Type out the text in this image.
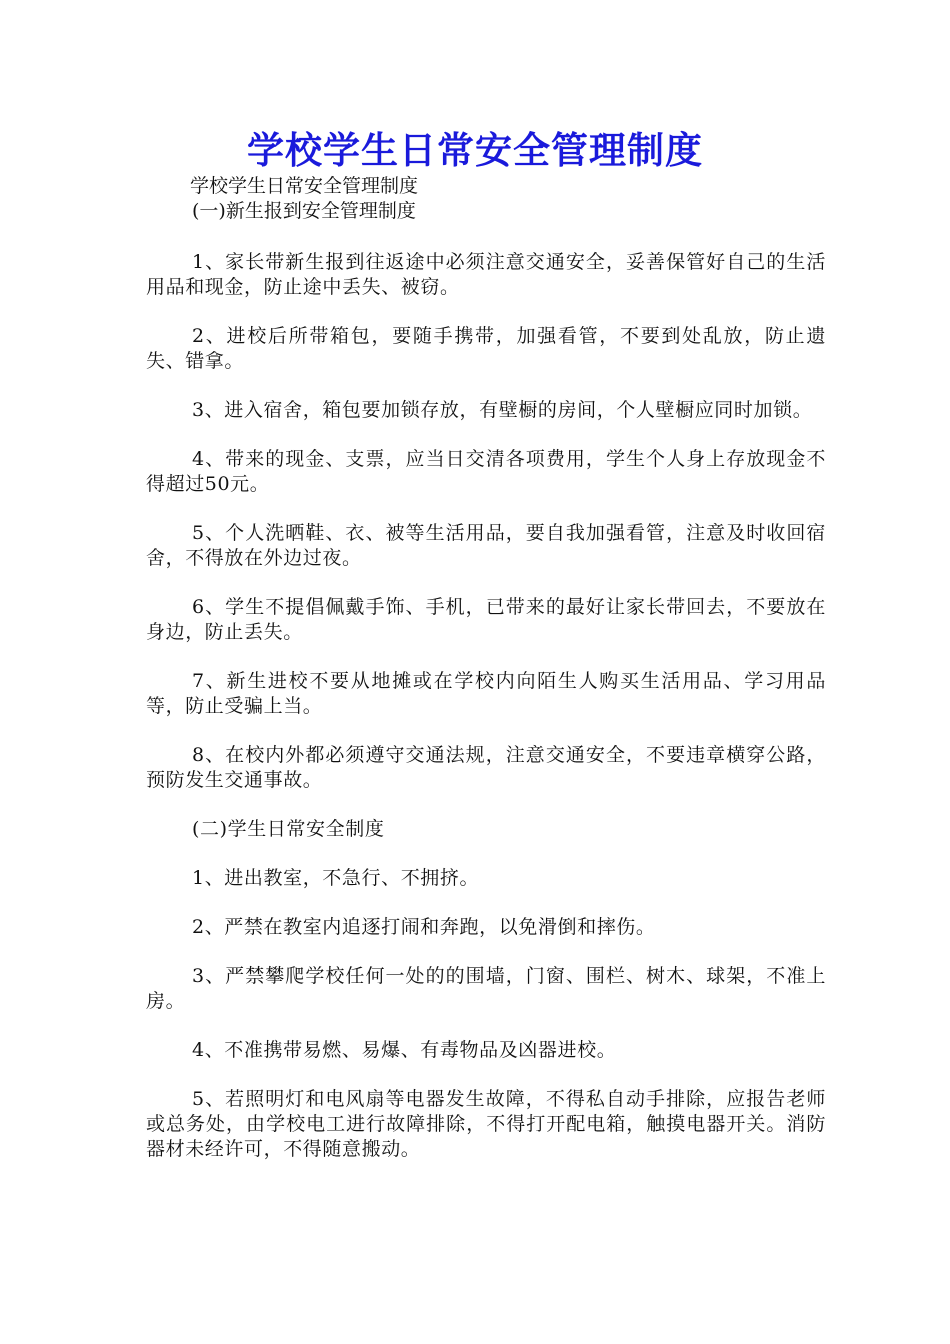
学校学生日常安全管理制度
学校学生日常安全管理制度
(一)新生报到安全管理制度

1、家长带新生报到往返途中必须注意交通安全，妥善保管好自己的生活用品和现金，防止途中丢失、被窃。

2、进校后所带箱包，要随手携带，加强看管，不要到处乱放，防止遗失、错拿。

3、进入宿舍，箱包要加锁存放，有壁橱的房间，个人壁橱应同时加锁。

4、带来的现金、支票，应当日交清各项费用，学生个人身上存放现金不得超过50元。

5、个人洗晒鞋、衣、被等生活用品，要自我加强看管，注意及时收回宿舍，不得放在外边过夜。

6、学生不提倡佩戴手饰、手机，已带来的最好让家长带回去，不要放在身边，防止丢失。

7、新生进校不要从地摊或在学校内向陌生人购买生活用品、学习用品等，防止受骗上当。

8、在校内外都必须遵守交通法规，注意交通安全，不要违章横穿公路，预防发生交通事故。

(二)学生日常安全制度

1、进出教室，不急行、不拥挤。

2、严禁在教室内追逐打闹和奔跑，以免滑倒和摔伤。

3、严禁攀爬学校任何一处的的围墙，门窗、围栏、树木、球架，不准上房。

4、不准携带易燃、易爆、有毒物品及凶器进校。

5、若照明灯和电风扇等电器发生故障，不得私自动手排除，应报告老师或总务处，由学校电工进行故障排除，不得打开配电箱，触摸电器开关。消防器材未经许可，不得随意搬动。
